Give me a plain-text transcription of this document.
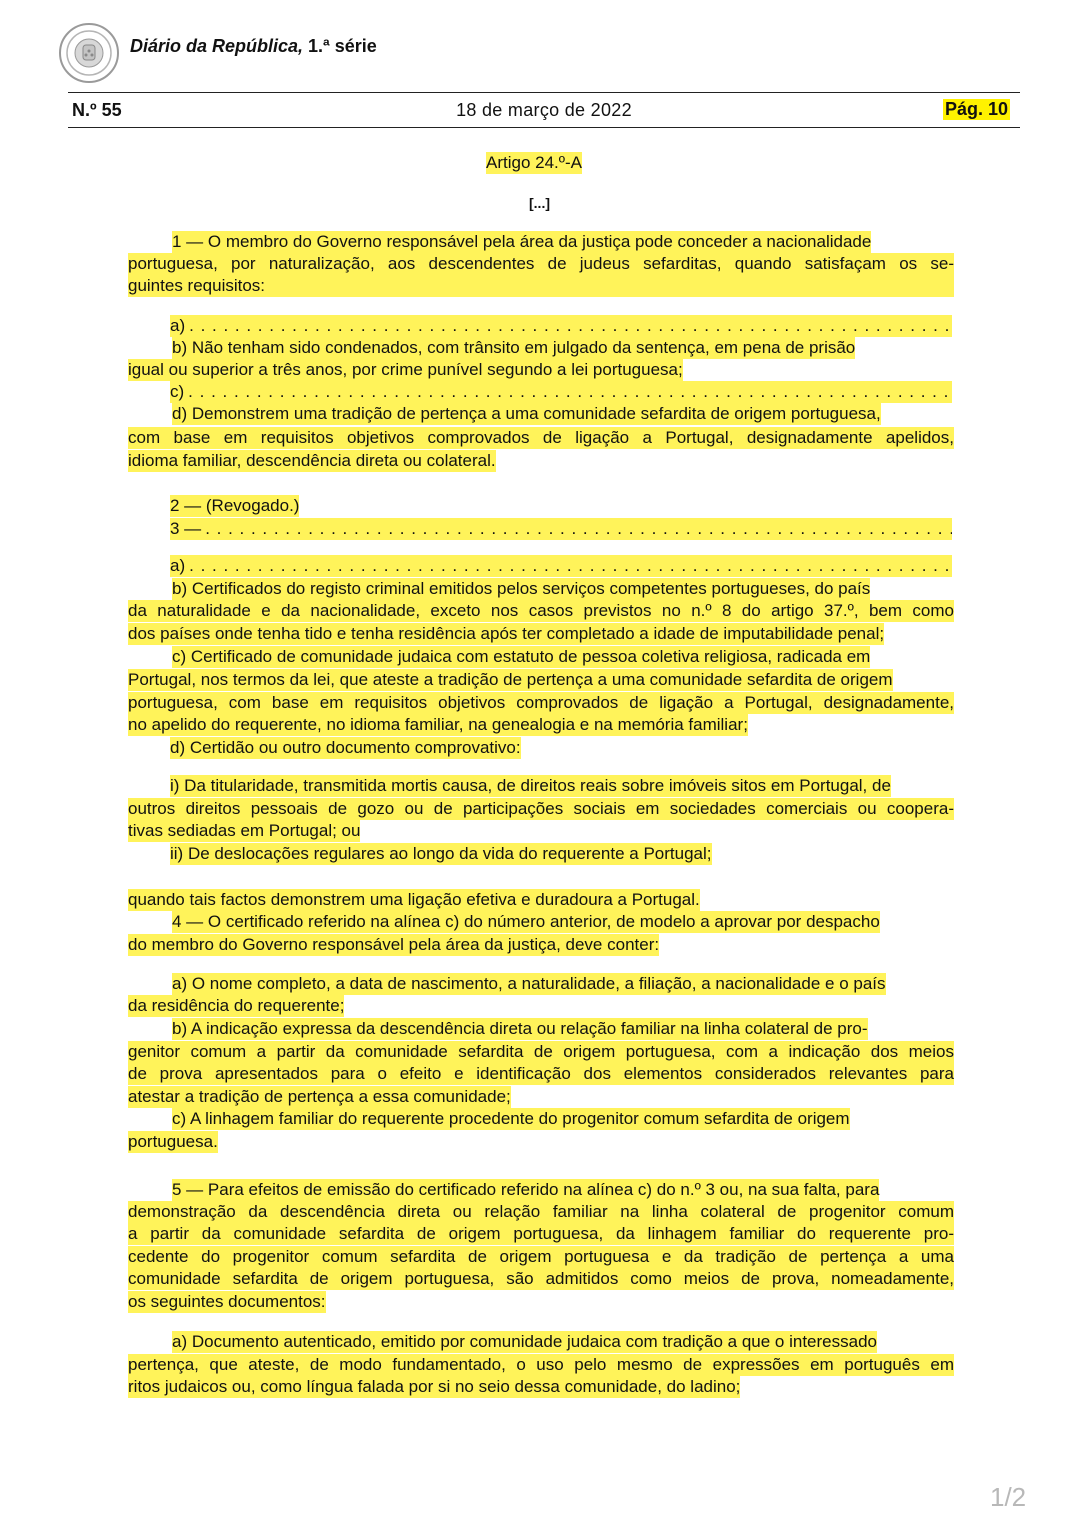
Diário da República, 1.ª série
N.º 55	18 de março de 2022	Pág. 10
Artigo 24.º-A
[...]
1 — O membro do Governo responsável pela área da justiça pode conceder a nacionalidade
portuguesa, por naturalização, aos descendentes de judeus sefarditas, quando satisfaçam os se-
guintes requisitos:
a)
. . .
b) Não tenham sido condenados, com trânsito em julgado da sentença, em pena de prisão
igual ou superior a três anos, por crime punível segundo a lei portuguesa;
c)
. . .
d) Demonstrem uma tradição de pertença a uma comunidade sefardita de origem portuguesa,
com base em requisitos objetivos comprovados de ligação a Portugal, designadamente apelidos,
idioma familiar, descendência direta ou colateral.
2 — (Revogado.)
3 —
. . .
a)
. . .
b) Certificados do registo criminal emitidos pelos serviços competentes portugueses, do país
da naturalidade e da nacionalidade, exceto nos casos previstos no n.º 8 do artigo 37.º, bem como
dos países onde tenha tido e tenha residência após ter completado a idade de imputabilidade penal;
c) Certificado de comunidade judaica com estatuto de pessoa coletiva religiosa, radicada em
Portugal, nos termos da lei, que ateste a tradição de pertença a uma comunidade sefardita de origem
portuguesa, com base em requisitos objetivos comprovados de ligação a Portugal, designadamente,
no apelido do requerente, no idioma familiar, na genealogia e na memória familiar;
d) Certidão ou outro documento comprovativo:
i) Da titularidade, transmitida mortis causa, de direitos reais sobre imóveis sitos em Portugal, de
outros direitos pessoais de gozo ou de participações sociais em sociedades comerciais ou coopera-
tivas sediadas em Portugal; ou
ii) De deslocações regulares ao longo da vida do requerente a Portugal;
quando tais factos demonstrem uma ligação efetiva e duradoura a Portugal.
4 — O certificado referido na alínea c) do número anterior, de modelo a aprovar por despacho
do membro do Governo responsável pela área da justiça, deve conter:
a) O nome completo, a data de nascimento, a naturalidade, a filiação, a nacionalidade e o país
da residência do requerente;
b) A indicação expressa da descendência direta ou relação familiar na linha colateral de pro-
genitor comum a partir da comunidade sefardita de origem portuguesa, com a indicação dos meios
de prova apresentados para o efeito e identificação dos elementos considerados relevantes para
atestar a tradição de pertença a essa comunidade;
c) A linhagem familiar do requerente procedente do progenitor comum sefardita de origem
portuguesa.
5 — Para efeitos de emissão do certificado referido na alínea c) do n.º 3 ou, na sua falta, para
demonstração da descendência direta ou relação familiar na linha colateral de progenitor comum
a partir da comunidade sefardita de origem portuguesa, da linhagem familiar do requerente pro-
cedente do progenitor comum sefardita de origem portuguesa e da tradição de pertença a uma
comunidade sefardita de origem portuguesa, são admitidos como meios de prova, nomeadamente,
os seguintes documentos:
a) Documento autenticado, emitido por comunidade judaica com tradição a que o interessado
pertença, que ateste, de modo fundamentado, o uso pelo mesmo de expressões em português em
ritos judaicos ou, como língua falada por si no seio dessa comunidade, do ladino;
1/2
